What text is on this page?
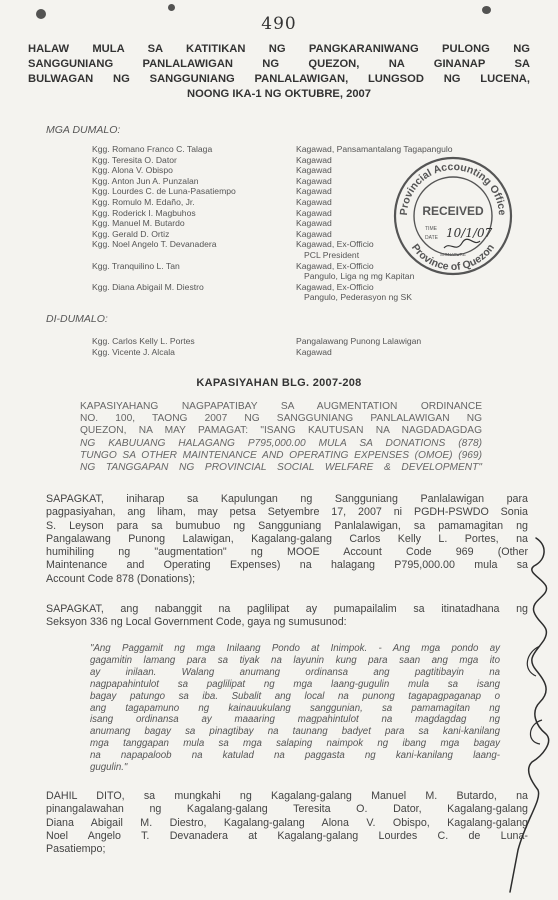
490
HALAW MULA SA KATITIKAN NG PANGKARANIWANG PULONG NG
SANGGUNIANG PANLALAWIGAN NG QUEZON, NA GINANAP SA
BULWAGAN NG SANGGUNIANG PANLALAWIGAN, LUNGSOD NG LUCENA,
NOONG IKA-1 NG OKTUBRE, 2007
MGA DUMALO:
Kgg. Romano Franco C. Talaga	Kagawad, Pansamantalang Tagapangulo
Kgg. Teresita O. Dator	Kagawad
Kgg. Alona V. Obispo	Kagawad
Kgg. Anton Jun A. Punzalan	Kagawad
Kgg. Lourdes C. de Luna-Pasatiempo	Kagawad
Kgg. Romulo M. Edaño, Jr.	Kagawad
Kgg. Roderick I. Magbuhos	Kagawad
Kgg. Manuel M. Butardo	Kagawad
Kgg. Gerald D. Ortiz	Kagawad
Kgg. Noel Angelo T. Devanadera	Kagawad, Ex-Officio
PCL President
Kgg. Tranquilino L. Tan	Kagawad, Ex-Officio
Pangulo, Liga ng mg Kapitan
Kgg. Diana Abigail M. Diestro	Kagawad, Ex-Officio
Pangulo, Pederasyon ng SK
DI-DUMALO:
Kgg. Carlos Kelly L. Portes	Pangalawang Punong Lalawigan
Kgg. Vicente J. Alcala	Kagawad
KAPASIYAHAN BLG. 2007-208
KAPASIYAHANG NAGPAPATIBAY SA AUGMENTATION ORDINANCE
NO. 100, TAONG 2007 NG SANGGUNIANG PANLALAWIGAN NG
QUEZON, NA MAY PAMAGAT: "ISANG KAUTUSAN NA NAGDADAGDAG
NG KABUUANG HALAGANG P795,000.00 MULA SA DONATIONS (878)
TUNGO SA OTHER MAINTENANCE AND OPERATING EXPENSES (OMOE) (969)
NG TANGGAPAN NG PROVINCIAL SOCIAL WELFARE & DEVELOPMENT"
SAPAGKAT, iniharap sa Kapulungan ng Sangguniang Panlalawigan para
pagpasiyahan, ang liham, may petsa Setyembre 17, 2007 ni PGDH-PSWDO Sonia
S. Leyson para sa bumubuo ng Sangguniang Panlalawigan, sa pamamagitan ng
Pangalawang Punong Lalawigan, Kagalang-galang Carlos Kelly L. Portes, na
humihiling ng "augmentation" ng MOOE Account Code 969 (Other
Maintenance and Operating Expenses) na halagang P795,000.00 mula sa
Account Code 878 (Donations);
SAPAGKAT, ang nabanggit na paglilipat ay pumapailalim sa itinatadhana ng
Seksyon 336 ng Local Government Code, gaya ng sumusunod:
"Ang Paggamit ng mga Inilaang Pondo at Inimpok. - Ang mga pondo ay
gagamitin lamang para sa tiyak na layunin kung para saan ang mga ito
ay inilaan. Walang anumang ordinansa ang pagtitibayin na
nagpapahintulot sa paglilipat ng mga laang-gugulin mula sa isang
bagay patungo sa iba. Subalit ang local na punong tagapagpaganap o
ang tagapamuno ng kainauukulang sanggunian, sa pamamagitan ng
isang ordinansa ay maaaring magpahintulot na magdagdag ng
anumang bagay sa pinagtibay na taunang badyet para sa kani-kanilang
mga tanggapan mula sa mga salaping naimpok ng ibang mga bagay
na napapaloob na katulad na paggasta ng kani-kanilang laang-
gugulin."
DAHIL DITO, sa mungkahi ng Kagalang-galang Manuel M. Butardo, na
pinangalawahan ng Kagalang-galang Teresita O. Dator, Kagalang-galang
Diana Abigail M. Diestro, Kagalang-galang Alona V. Obispo, Kagalang-galang
Noel Angelo T. Devanadera at Kagalang-galang Lourdes C. de Luna-
Pasatiempo;
Provincial Accounting Office
Province of Quezon
RECEIVED
TIME
DATE 10/1/07
SIGNATURE
